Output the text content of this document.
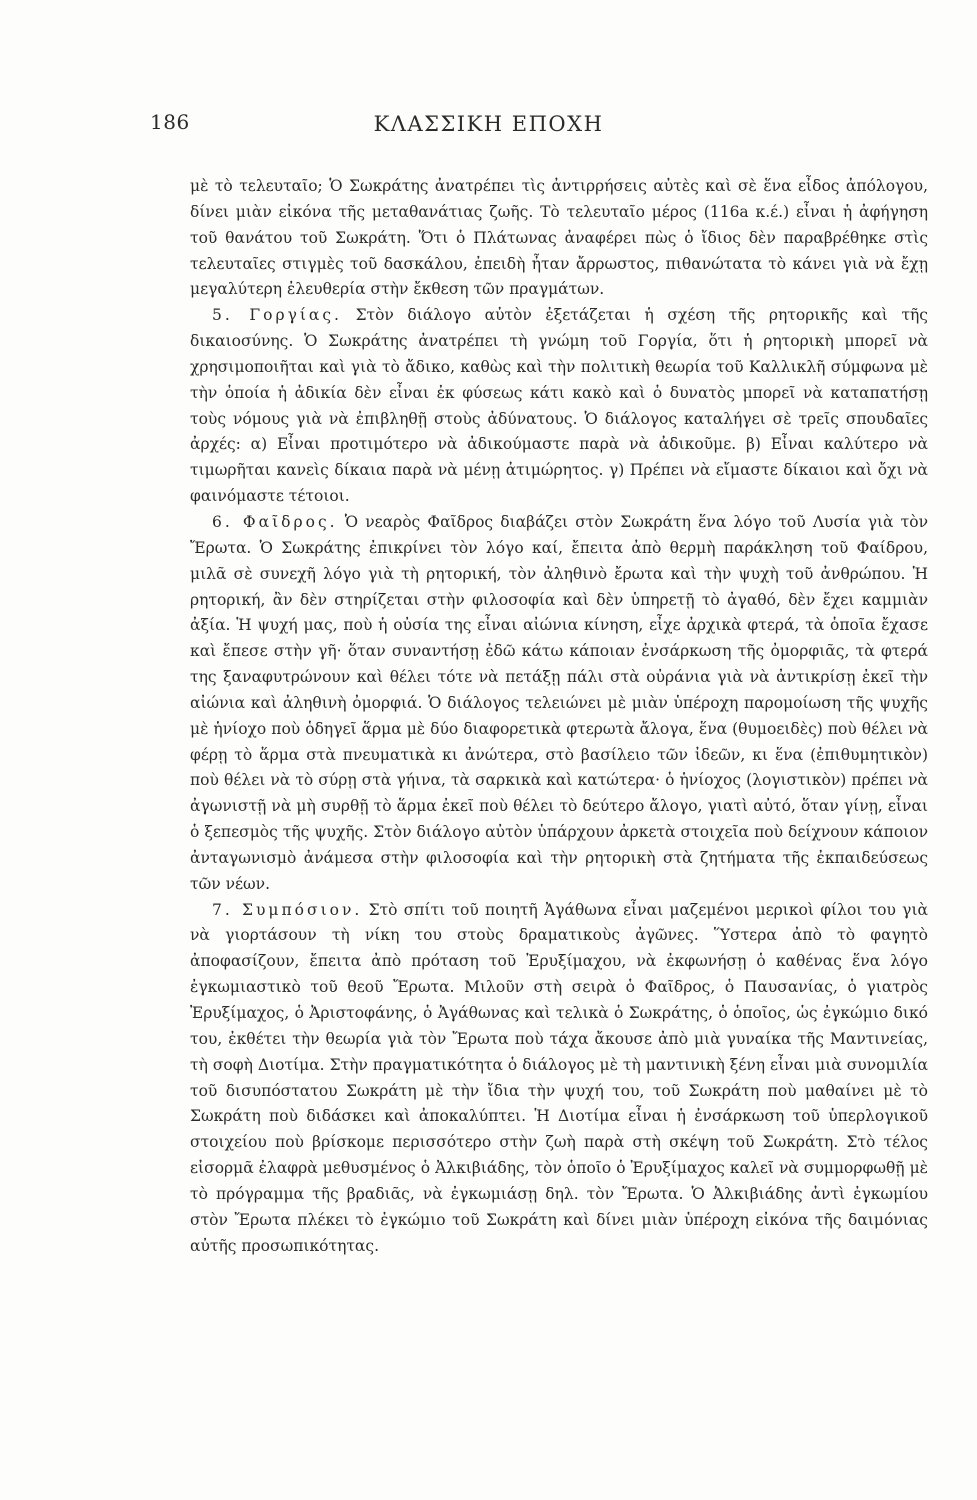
186	ΚΛΑΣΣΙΚΗ ΕΠΟΧΗ

μὲ τὸ τελευταῖο; Ὁ Σωκράτης ἀνατρέπει τὶς ἀντιρρήσεις αὐτὲς καὶ σὲ ἕνα εἶδος ἀπόλογου, δίνει μιὰν εἰκόνα τῆς μεταθανάτιας ζωῆς. Τὸ τελευταῖο μέρος (116a κ.έ.) εἶναι ἡ ἀφήγηση τοῦ θανάτου τοῦ Σωκράτη. Ὅτι ὁ Πλάτωνας ἀναφέρει πὼς ὁ ἴδιος δὲν παραβρέθηκε στὶς τελευταῖες στιγμὲς τοῦ δασκάλου, ἐπειδὴ ἦταν ἄρρωστος, πιθανώτατα τὸ κάνει γιὰ νὰ ἔχῃ μεγαλύτερη ἐλευθερία στὴν ἔκθεση τῶν πραγμάτων.

5. Γοργίας. Στὸν διάλογο αὐτὸν ἐξετάζεται ἡ σχέση τῆς ρητορικῆς καὶ τῆς δικαιοσύνης. Ὁ Σωκράτης ἀνατρέπει τὴ γνώμη τοῦ Γοργία, ὅτι ἡ ρητορικὴ μπορεῖ νὰ χρησιμοποιῆται καὶ γιὰ τὸ ἄδικο, καθὼς καὶ τὴν πολιτικὴ θεωρία τοῦ Καλλικλῆ σύμφωνα μὲ τὴν ὁποία ἡ ἀδικία δὲν εἶναι ἐκ φύσεως κάτι κακὸ καὶ ὁ δυνατὸς μπορεῖ νὰ καταπατήσῃ τοὺς νόμους γιὰ νὰ ἐπιβληθῇ στοὺς ἀδύνατους. Ὁ διάλογος καταλήγει σὲ τρεῖς σπουδαῖες ἀρχές: α) Εἶναι προτιμότερο νὰ ἀδικούμαστε παρὰ νὰ ἀδικοῦμε. β) Εἶναι καλύτερο νὰ τιμωρῆται κανεὶς δίκαια παρὰ νὰ μένῃ ἀτιμώρητος. γ) Πρέπει νὰ εἴμαστε δίκαιοι καὶ ὄχι νὰ φαινόμαστε τέτοιοι.

6. Φαῖδρος. Ὁ νεαρὸς Φαῖδρος διαβάζει στὸν Σωκράτη ἕνα λόγο τοῦ Λυσία γιὰ τὸν Ἔρωτα. Ὁ Σωκράτης ἐπικρίνει τὸν λόγο καί, ἔπειτα ἀπὸ θερμὴ παράκληση τοῦ Φαίδρου, μιλᾶ σὲ συνεχῆ λόγο γιὰ τὴ ρητορική, τὸν ἀληθινὸ ἔρωτα καὶ τὴν ψυχὴ τοῦ ἀνθρώπου. Ἡ ρητορική, ἂν δὲν στηρίζεται στὴν φιλοσοφία καὶ δὲν ὑπηρετῇ τὸ ἀγαθό, δὲν ἔχει καμμιὰν ἀξία. Ἡ ψυχή μας, ποὺ ἡ οὐσία της εἶναι αἰώνια κίνηση, εἶχε ἀρχικὰ φτερά, τὰ ὁποῖα ἔχασε καὶ ἔπεσε στὴν γῆ· ὅταν συναντήσῃ ἐδῶ κάτω κάποιαν ἐνσάρκωση τῆς ὀμορφιᾶς, τὰ φτερά της ξαναφυτρώνουν καὶ θέλει τότε νὰ πετάξῃ πάλι στὰ οὐράνια γιὰ νὰ ἀντικρίσῃ ἐκεῖ τὴν αἰώνια καὶ ἀληθινὴ ὀμορφιά. Ὁ διάλογος τελειώνει μὲ μιὰν ὑπέροχη παρομοίωση τῆς ψυχῆς μὲ ἡνίοχο ποὺ ὁδηγεῖ ἅρμα μὲ δύο διαφορετικὰ φτερωτὰ ἄλογα, ἕνα (θυμοειδὲς) ποὺ θέλει νὰ φέρῃ τὸ ἅρμα στὰ πνευματικὰ κι ἀνώτερα, στὸ βασίλειο τῶν ἰδεῶν, κι ἕνα (ἐπιθυμητικὸν) ποὺ θέλει νὰ τὸ σύρῃ στὰ γήινα, τὰ σαρκικὰ καὶ κατώτερα· ὁ ἡνίοχος (λογιστικὸν) πρέπει νὰ ἀγωνιστῇ νὰ μὴ συρθῇ τὸ ἅρμα ἐκεῖ ποὺ θέλει τὸ δεύτερο ἄλογο, γιατὶ αὐτό, ὅταν γίνῃ, εἶναι ὁ ξεπεσμὸς τῆς ψυχῆς. Στὸν διάλογο αὐτὸν ὑπάρχουν ἀρκετὰ στοιχεῖα ποὺ δείχνουν κάποιον ἀνταγωνισμὸ ἀνάμεσα στὴν φιλοσοφία καὶ τὴν ρητορικὴ στὰ ζητήματα τῆς ἐκπαιδεύσεως τῶν νέων.

7. Συμπόσιον. Στὸ σπίτι τοῦ ποιητῆ Ἀγάθωνα εἶναι μαζεμένοι μερικοὶ φίλοι του γιὰ νὰ γιορτάσουν τὴ νίκη του στοὺς δραματικοὺς ἀγῶνες. Ὕστερα ἀπὸ τὸ φαγητὸ ἀποφασίζουν, ἔπειτα ἀπὸ πρόταση τοῦ Ἐρυξίμαχου, νὰ ἐκφωνήσῃ ὁ καθένας ἕνα λόγο ἐγκωμιαστικὸ τοῦ θεοῦ Ἔρωτα. Μιλοῦν στὴ σειρὰ ὁ Φαῖδρος, ὁ Παυσανίας, ὁ γιατρὸς Ἐρυξίμαχος, ὁ Ἀριστοφάνης, ὁ Ἀγάθωνας καὶ τελικὰ ὁ Σωκράτης, ὁ ὁποῖος, ὡς ἐγκώμιο δικό του, ἐκθέτει τὴν θεωρία γιὰ τὸν Ἔρωτα ποὺ τάχα ἄκουσε ἀπὸ μιὰ γυναίκα τῆς Μαντινείας, τὴ σοφὴ Διοτίμα. Στὴν πραγματικότητα ὁ διάλογος μὲ τὴ μαντινικὴ ξένη εἶναι μιὰ συνομιλία τοῦ δισυπόστατου Σωκράτη μὲ τὴν ἴδια τὴν ψυχή του, τοῦ Σωκράτη ποὺ μαθαίνει μὲ τὸ Σωκράτη ποὺ διδάσκει καὶ ἀποκαλύπτει. Ἡ Διοτίμα εἶναι ἡ ἐνσάρκωση τοῦ ὑπερλογικοῦ στοιχείου ποὺ βρίσκομε περισσότερο στὴν ζωὴ παρὰ στὴ σκέψη τοῦ Σωκράτη. Στὸ τέλος εἰσορμᾶ ἐλαφρὰ μεθυσμένος ὁ Ἀλκιβιάδης, τὸν ὁποῖο ὁ Ἐρυξίμαχος καλεῖ νὰ συμμορφωθῇ μὲ τὸ πρόγραμμα τῆς βραδιᾶς, νὰ ἐγκωμιάσῃ δηλ. τὸν Ἔρωτα. Ὁ Ἀλκιβιάδης ἀντὶ ἐγκωμίου στὸν Ἔρωτα πλέκει τὸ ἐγκώμιο τοῦ Σωκράτη καὶ δίνει μιὰν ὑπέροχη εἰκόνα τῆς δαιμόνιας αὐτῆς προσωπικότητας.
